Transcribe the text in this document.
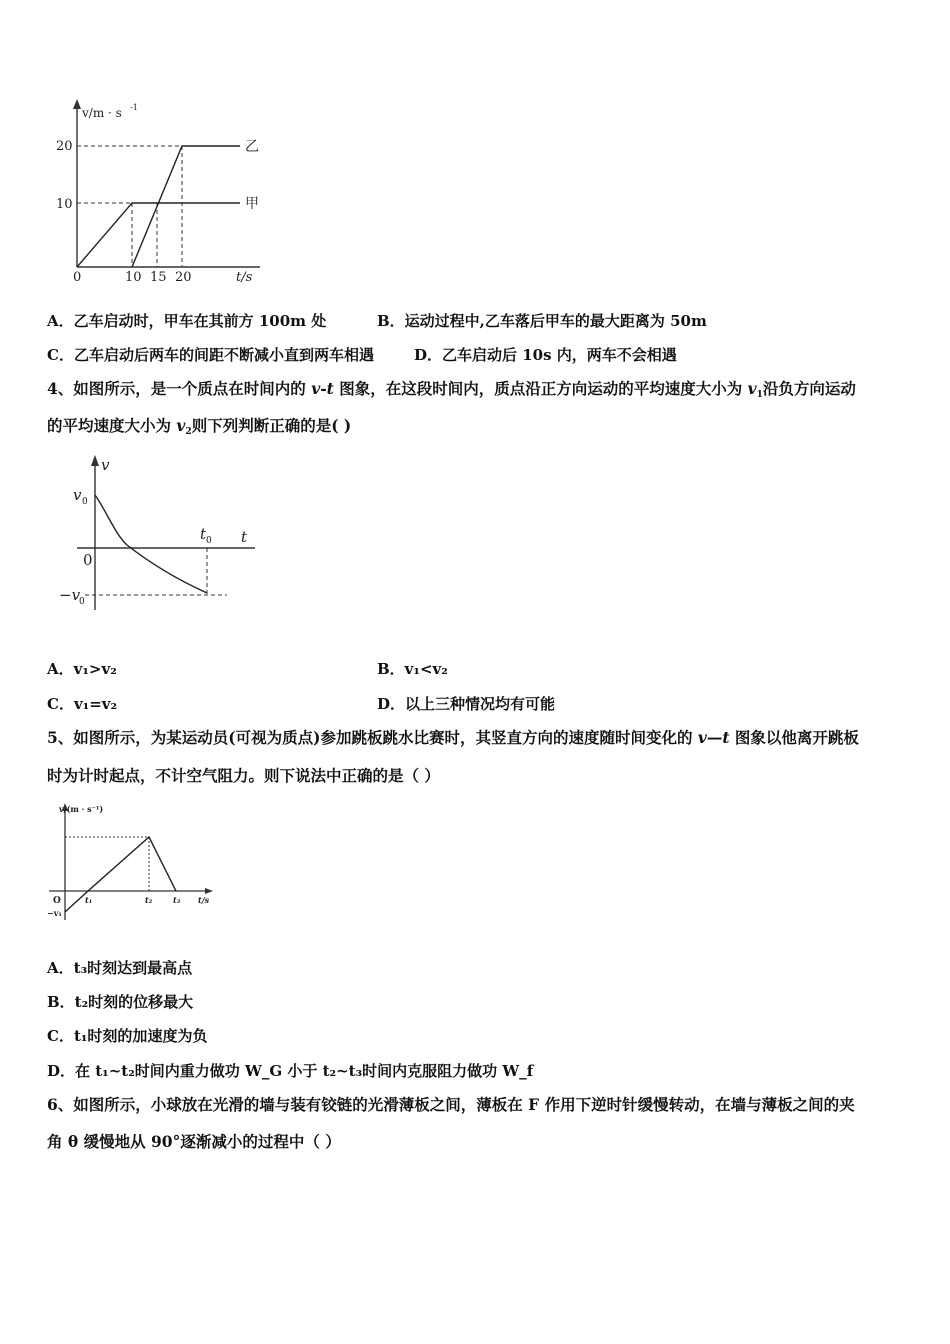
v/m · s -1
20
10
0	10 15 20	t/s
乙
甲
A．乙车启动时，甲车在其前方 100m 处	B．运动过程中,乙车落后甲车的最大距离为 50m
C．乙车启动后两车的间距不断减小直到两车相遇	D．乙车启动后 10s 内，两车不会相遇
4、如图所示，是一个质点在时间内的 v-t 图象，在这段时间内，质点沿正方向运动的平均速度大小为 $v_1$沿负方向运动
的平均速度大小为 $v_2$则下列判断正确的是( )
v
t
v 0
0
−v
0
t 0
A．v₁>v₂	B．v₁<v₂
C．v₁=v₂	D．以上三种情况均有可能
5、如图所示，为某运动员(可视为质点)参加跳板跳水比赛时，其竖直方向的速度随时间变化的 v—t 图象以他离开跳板
时为计时起点，不计空气阻力。则下说法中正确的是（ ）
v/(m · s⁻¹)
O
−v₁
t₁	t₂	t₃ t/s
A．t₃时刻达到最高点
B．t₂时刻的位移最大
C．t₁时刻的加速度为负
D．在 t₁~t₂时间内重力做功 W_G 小于 t₂~t₃时间内克服阻力做功 W_f
6、如图所示，小球放在光滑的墙与装有铰链的光滑薄板之间，薄板在 F 作用下逆时针缓慢转动，在墙与薄板之间的夹
角 θ 缓慢地从 90°逐渐减小的过程中（ ）
